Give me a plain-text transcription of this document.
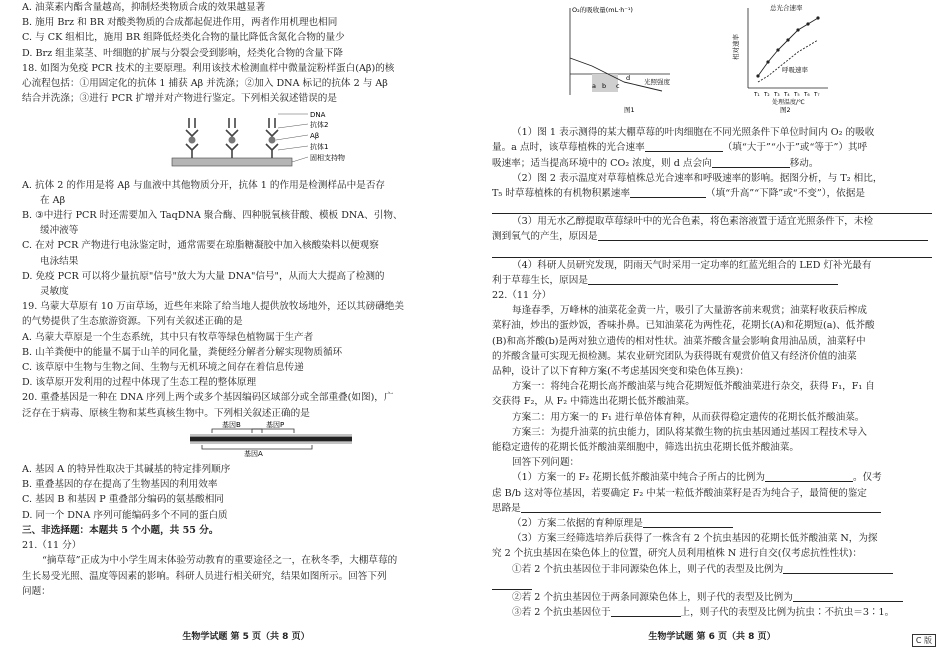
A. 油菜素内酯含量越高，抑制烃类物质合成的效果越显著

B. 施用 Brz 和 BR 对酸类物质的合成都起促进作用，两者作用机理也相同

C. 与 CK 组相比，施用 BR 组降低烃类化合物的量比降低含氮化合物的量少

D. Brz 组韭菜茎、叶细胞的扩展与分裂会受到影响，烃类化合物的含量下降

18. 如图为免疫 PCR 技术的主要原理。利用该技术检测血样中微量淀粉样蛋白(Aβ)的核

心流程包括：①用固定化的抗体 1 捕获 Aβ 并洗涤；②加入 DNA 标记的抗体 2 与 Aβ

结合并洗涤；③进行 PCR 扩增并对产物进行鉴定。下列相关叙述错误的是

DNA
抗体2
Aβ
抗体1
固相支持物

A. 抗体 2 的作用是将 Aβ 与血液中其他物质分开，抗体 1 的作用是检测样品中是否存

在 Aβ

B. ③中进行 PCR 时还需要加入 TaqDNA 聚合酶、四种脱氧核苷酸、模板 DNA、引物、

缓冲液等

C. 在对 PCR 产物进行电泳鉴定时，通常需要在琼脂糖凝胶中加入核酸染料以便观察

电泳结果

D. 免疫 PCR 可以将少量抗原"信号"放大为大量 DNA"信号"，从而大大提高了检测的

灵敏度

19. 乌蒙大草原有 10 万亩草场，近些年来除了给当地人提供放牧场地外，还以其磅礴绝美

的气势提供了生态旅游资源。下列有关叙述正确的是

A. 乌蒙大草原是一个生态系统，其中只有牧草等绿色植物属于生产者

B. 山羊粪便中的能量不属于山羊的同化量，粪便经分解者分解实现物质循环

C. 该草原中生物与生物之间、生物与无机环境之间存在着信息传递

D. 该草原开发利用的过程中体现了生态工程的整体原理

20. 重叠基因是一种在 DNA 序列上两个或多个基因编码区域部分或全部重叠(如图)，广

泛存在于病毒、原核生物和某些真核生物中。下列相关叙述正确的是

基因B	基因P
基因A

A. 基因 A 的特异性取决于其碱基的特定排列顺序

B. 重叠基因的存在提高了生物基因的利用效率

C. 基因 B 和基因 P 重叠部分编码的氨基酸相同

D. 同一个 DNA 序列可能编码多个不同的蛋白质

三、非选择题：本题共 5 个小题，共 55 分。

21.（11 分）

“摘草莓”正成为中小学生周末体验劳动教育的重要途径之一，在秋冬季，大棚草莓的

生长易受光照、温度等因素的影响。科研人员进行相关研究，结果如图所示。回答下列

问题：

生物学试题 第 5 页（共 8 页）
O₂的吸收量(mL·h⁻¹)
光照强度
a b c
d
图1
相对速率
总光合速率
呼吸速率
T₁ T₂ T₃ T₄ T₅ T₆ T₇
处理温度/℃
图2

（1）图 1 表示测得的某大棚草莓的叶肉细胞在不同光照条件下单位时间内 O₂ 的吸收

量。a 点时，该草莓植株的光合速率	（填“大于”“小于”或“等于”）其呼

吸速率；适当提高环境中的 CO₂ 浓度，则 d 点会向	移动。

（2）图 2 表示温度对草莓植株总光合速率和呼吸速率的影响。据图分析，与 T₂ 相比，

T₅ 时草莓植株的有机物积累速率	（填“升高”“下降”或“不变”），依据是

（3）用无水乙醇提取草莓绿叶中的光合色素，将色素溶液置于适宜光照条件下，未检

测到氧气的产生，原因是

（4）科研人员研究发现，阴雨天气时采用一定功率的红蓝光组合的 LED 灯补光最有

利于草莓生长，原因是

22.（11 分）

每逢春季，万峰林的油菜花金黄一片，吸引了大量游客前来观赏；油菜籽收获后榨成

菜籽油，炒出的蛋炒饭，香味扑鼻。已知油菜花为两性花，花期长(A)和花期短(a)、低芥酸

(B)和高芥酸(b)是两对独立遗传的相对性状。油菜芥酸含量会影响食用油品质，油菜籽中

的芥酸含量可实现无损检测。某农业研究团队为获得既有观赏价值又有经济价值的油菜

品种，设计了以下育种方案(不考虑基因突变和染色体互换)：

方案一：将纯合花期长高芥酸油菜与纯合花期短低芥酸油菜进行杂交，获得 F₁，F₁ 自

交获得 F₂，从 F₂ 中筛选出花期长低芥酸油菜。

方案二：用方案一的 F₁ 进行单倍体育种，从而获得稳定遗传的花期长低芥酸油菜。

方案三：为提升油菜的抗虫能力，团队将某微生物的抗虫基因通过基因工程技术导入

能稳定遗传的花期长低芥酸油菜细胞中，筛选出抗虫花期长低芥酸油菜。

回答下列问题：

（1）方案一的 F₂ 花期长低芥酸油菜中纯合子所占的比例为	。仅考

虑 B/b 这对等位基因，若要确定 F₂ 中某一粒低芥酸油菜籽是否为纯合子，最简便的鉴定

思路是

（2）方案二依据的育种原理是

（3）方案三经筛选培养后获得了一株含有 2 个抗虫基因的花期长低芥酸油菜 N，为探

究 2 个抗虫基因在染色体上的位置，研究人员利用植株 N 进行自交(仅考虑抗性性状)：

①若 2 个抗虫基因位于非同源染色体上，则子代的表型及比例为

②若 2 个抗虫基因位于两条同源染色体上，则子代的表型及比例为

③若 2 个抗虫基因位于	上，则子代的表型及比例为抗虫∶不抗虫＝3∶1。

生物学试题 第 6 页（共 8 页）	C 版
